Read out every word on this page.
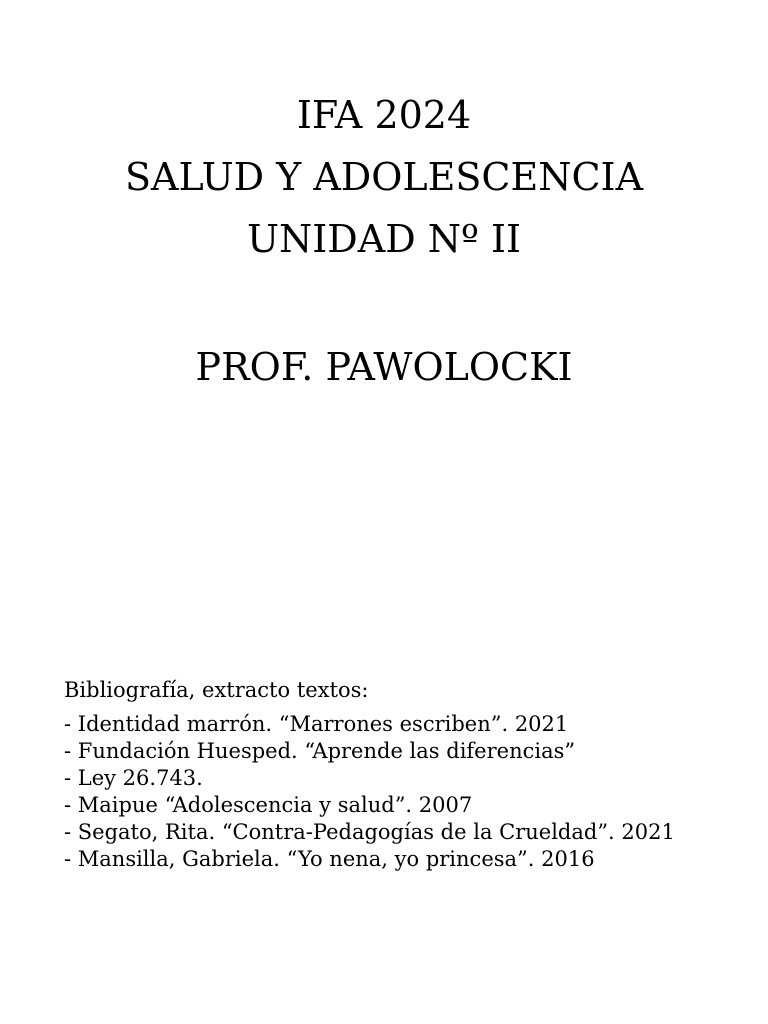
IFA 2024
SALUD Y ADOLESCENCIA
UNIDAD Nº II
PROF. PAWOLOCKI
Bibliografía, extracto textos:
- Identidad marrón. “Marrones escriben”. 2021
- Fundación Huesped. “Aprende las diferencias”
- Ley 26.743.
- Maipue “Adolescencia y salud”. 2007
- Segato, Rita. “Contra-Pedagogías de la Crueldad”. 2021
- Mansilla, Gabriela. “Yo nena, yo princesa”. 2016
